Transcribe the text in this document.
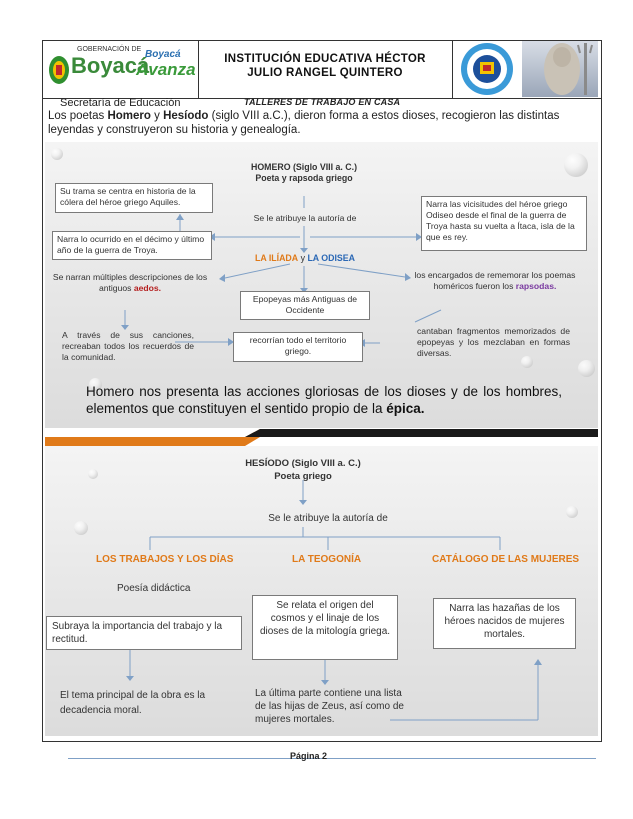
GOBERNACIÓN DE
Boyacá
Boyacá
Avanza
INSTITUCIÓN EDUCATIVA HÉCTOR
JULIO RANGEL QUINTERO
Secretaría de Educación	TALLERES DE TRABAJO EN CASA
Los poetas Homero y Hesíodo (siglo VIII a.C.), dieron forma a estos dioses, recogieron las distintas leyendas y construyeron su historia y genealogía.
HOMERO (Siglo VIII a. C.)
Poeta y rapsoda griego
Se le atribuye la autoría de
LA ILÍADA y LA ODISEA
Su trama se centra en historia de la cólera del héroe griego Aquiles.
Narra lo ocurrido en el décimo y último año de la guerra de Troya.
Narra las vicisitudes del héroe griego Odiseo desde el final de la guerra de Troya hasta su vuelta a Ítaca, isla de la que es rey.
Se narran múltiples descripciones de los antiguos aedos.
los encargados de rememorar los poemas homéricos fueron los rapsodas.
Epopeyas más Antiguas de Occidente
A través de sus canciones, recreaban todos los recuerdos de la comunidad.
recorrían todo el territorio griego.
cantaban fragmentos memorizados de epopeyas y los mezclaban en formas diversas.
Homero nos presenta las acciones gloriosas de los dioses y de los hombres, elementos que constituyen el sentido propio de la épica.
HESÍODO (Siglo VIII a. C.)
Poeta griego
Se le atribuye la autoría de
LOS TRABAJOS Y LOS DÍAS	LA TEOGONÍA	CATÁLOGO DE LAS MUJERES
Poesía didáctica
Subraya la importancia del trabajo y la rectitud.
El tema principal de la obra es la decadencia moral.
Se relata el origen del cosmos y el linaje de los dioses de la mitología griega.
La última parte contiene una lista de las hijas de Zeus, así como de mujeres mortales.
Narra las hazañas de los héroes nacidos de mujeres mortales.
Página 2
